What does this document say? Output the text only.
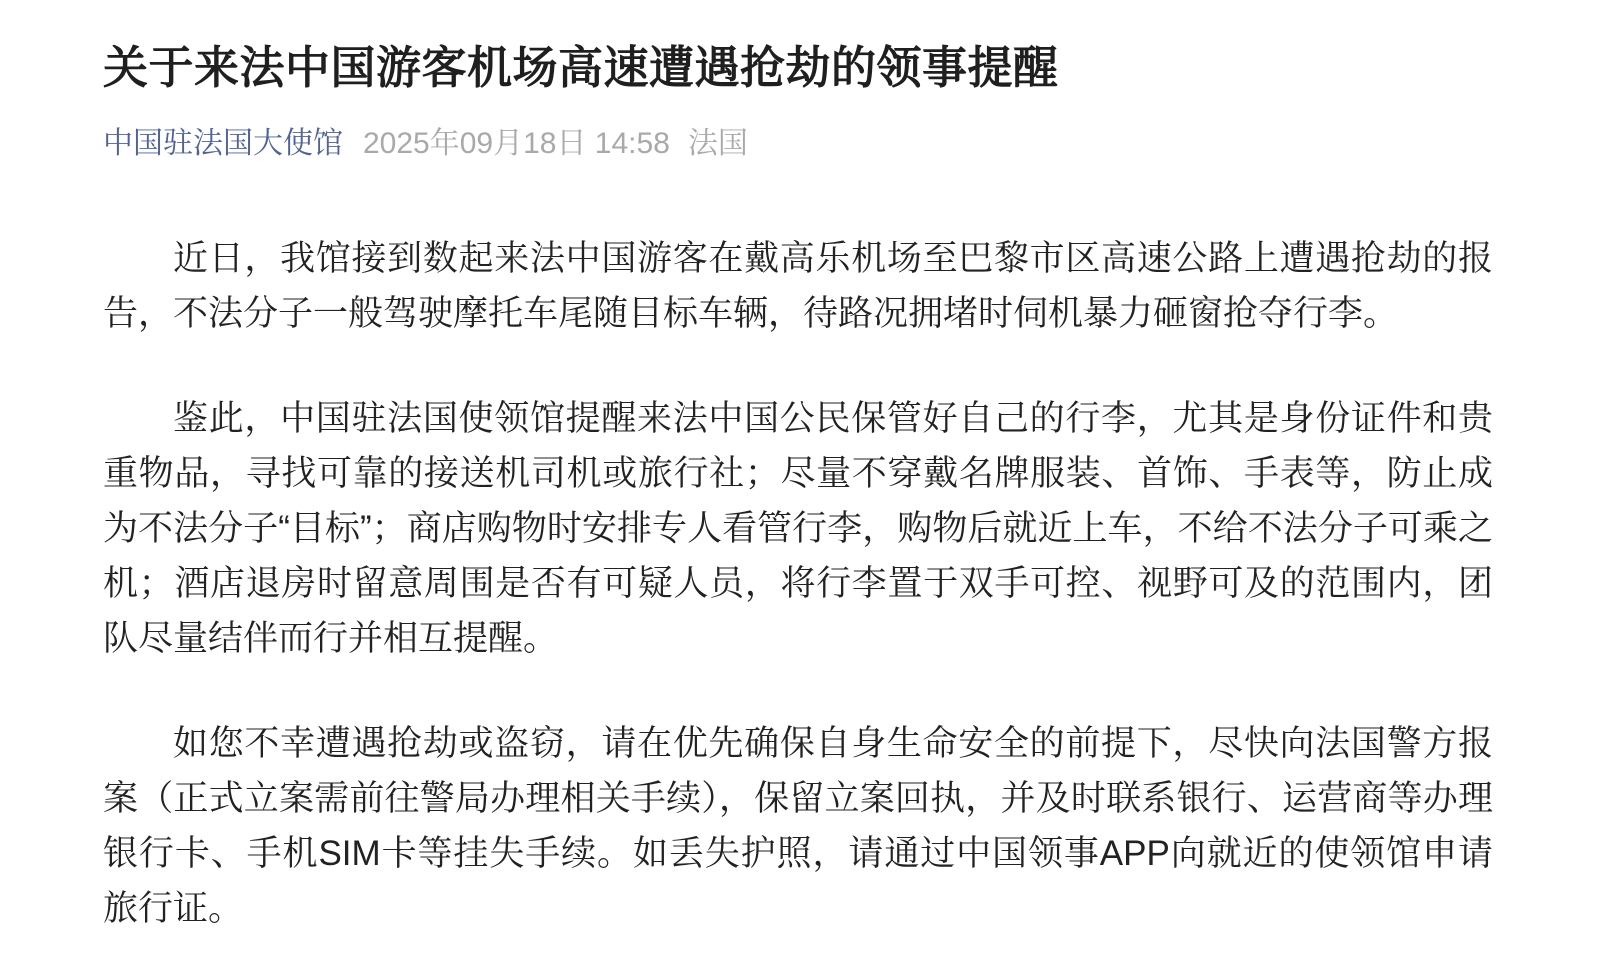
关于来法中国游客机场高速遭遇抢劫的领事提醒
中国驻法国大使馆 2025年09月18日 14:58 法国

近日，我馆接到数起来法中国游客在戴高乐机场至巴黎市区高速公路上遭遇抢劫的报告，不法分子一般驾驶摩托车尾随目标车辆，待路况拥堵时伺机暴力砸窗抢夺行李。

鉴此，中国驻法国使领馆提醒来法中国公民保管好自己的行李，尤其是身份证件和贵重物品，寻找可靠的接送机司机或旅行社；尽量不穿戴名牌服装、首饰、手表等，防止成为不法分子“目标”；商店购物时安排专人看管行李，购物后就近上车，不给不法分子可乘之机；酒店退房时留意周围是否有可疑人员，将行李置于双手可控、视野可及的范围内，团队尽量结伴而行并相互提醒。

如您不幸遭遇抢劫或盗窃，请在优先确保自身生命安全的前提下，尽快向法国警方报案（正式立案需前往警局办理相关手续），保留立案回执，并及时联系银行、运营商等办理银行卡、手机SIM卡等挂失手续。如丢失护照，请通过中国领事APP向就近的使领馆申请旅行证。
